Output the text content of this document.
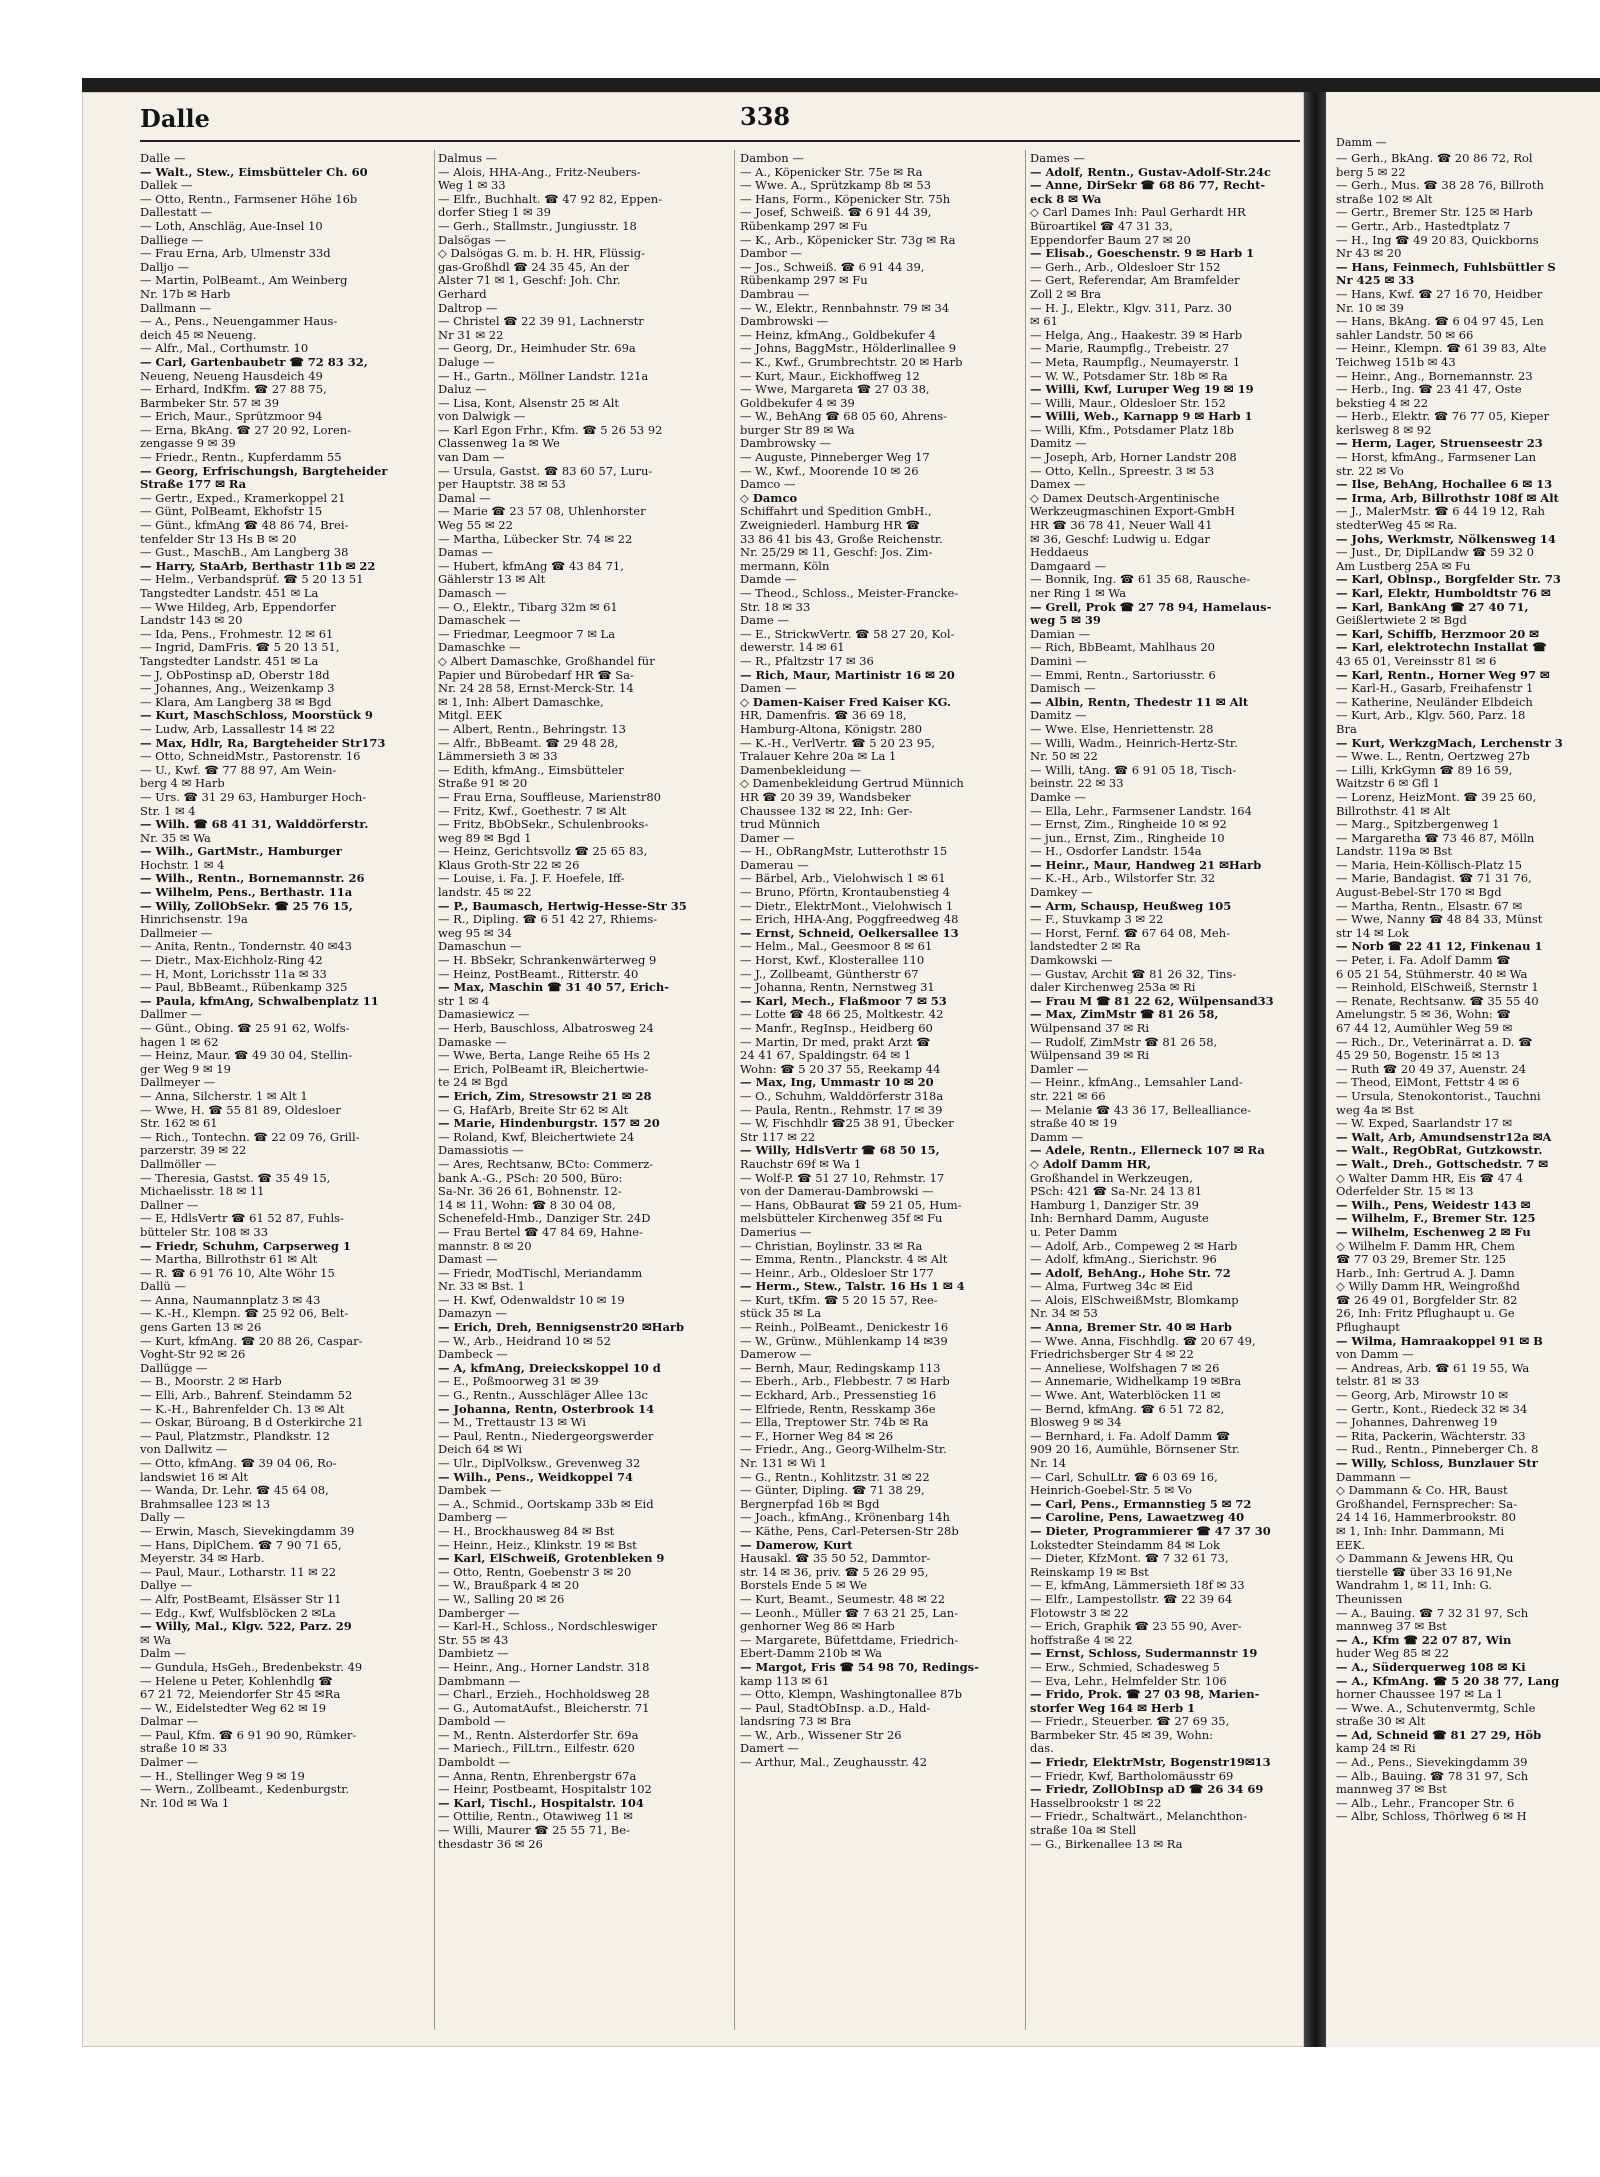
Damm —
— Gerh., BkAng. ☎ 20 86 72, Rol
berg 5 ✉ 22
— Gerh., Mus. ☎ 38 28 76, Billroth
straße 102 ✉ Alt
— Gertr., Bremer Str. 125 ✉ Harb
— Gertr., Arb., Hastedtplatz 7
— H., Ing ☎ 49 20 83, Quickborns
Nr 43 ✉ 20
— Hans, Feinmech, Fuhlsbüttler S
Nr 425 ✉ 33
— Hans, Kwf. ☎ 27 16 70, Heidber
Nr. 10 ✉ 39
— Hans, BkAng. ☎ 6 04 97 45, Len
sahler Landstr. 50 ✉ 66
— Heinr., Klempn. ☎ 61 39 83, Alte
Teichweg 151b ✉ 43
— Heinr., Ang., Bornemannstr. 23
— Herb., Ing. ☎ 23 41 47, Oste
bekstieg 4 ✉ 22
— Herb., Elektr. ☎ 76 77 05, Kieper
kerlsweg 8 ✉ 92
— Herm, Lager, Struenseestr 23
— Horst, kfmAng., Farmsener Lan
str. 22 ✉ Vo
— Ilse, BehAng, Hochallee 6 ✉ 13
— Irma, Arb, Billrothstr 108f ✉ Alt
— J., MalerMstr. ☎ 6 44 19 12, Rah
stedterWeg 45 ✉ Ra.
— Johs, Werkmstr, Nölkensweg 14
— Just., Dr, DiplLandw ☎ 59 32 0
Am Lustberg 25A ✉ Fu
— Karl, Oblnsp., Borgfelder Str. 73
— Karl, Elektr, Humboldtstr 76 ✉
— Karl, BankAng ☎ 27 40 71,
Geißlertwiete 2 ✉ Bgd
— Karl, Schiffb, Herzmoor 20 ✉
— Karl, elektrotechn Installat ☎
43 65 01, Vereinsstr 81 ✉ 6
— Karl, Rentn., Horner Weg 97 ✉
— Karl-H., Gasarb, Freihafenstr 1
— Katherine, Neuländer Elbdeich
— Kurt, Arb., Klgv. 560, Parz. 18
Bra
— Kurt, WerkzgMach, Lerchenstr 3
— Wwe. L., Rentn, Oertzweg 27b
— Lilli, KrkGymn ☎ 89 16 59,
Waitzstr 6 ✉ Gfl 1
— Lorenz, HeizMont. ☎ 39 25 60,
Billrothstr. 41 ✉ Alt
— Marg., Spitzbergenweg 1
— Margaretha ☎ 73 46 87, Mölln
Landstr. 119a ✉ Bst
— Maria, Hein-Köllisch-Platz 15
— Marie, Bandagist. ☎ 71 31 76,
August-Bebel-Str 170 ✉ Bgd
— Martha, Rentn., Elsastr. 67 ✉
— Wwe, Nanny ☎ 48 84 33, Münst
str 14 ✉ Lok
— Norb ☎ 22 41 12, Finkenau 1
— Peter, i. Fa. Adolf Damm ☎
6 05 21 54, Stühmerstr. 40 ✉ Wa
— Reinhold, ElSchweiß, Sternstr 1
— Renate, Rechtsanw. ☎ 35 55 40
Amelungstr. 5 ✉ 36, Wohn: ☎
67 44 12, Aumühler Weg 59 ✉
— Rich., Dr., Veterinärrat a. D. ☎
45 29 50, Bogenstr. 15 ✉ 13
— Ruth ☎ 20 49 37, Auenstr. 24
— Theod, ElMont, Fettstr 4 ✉ 6
— Ursula, Stenokontorist., Tauchni
weg 4a ✉ Bst
— W. Exped, Saarlandstr 17 ✉
— Walt, Arb, Amundsenstr12a ✉A
— Walt., RegObRat, Gutzkowstr.
— Walt., Dreh., Gottschedstr. 7 ✉
◇ Walter Damm HR, Eis ☎ 47 4
Oderfelder Str. 15 ✉ 13
— Wilh., Pens, Weidestr 143 ✉
— Wilhelm, F., Bremer Str. 125
— Wilhelm, Eschenweg 2 ✉ Fu
◇ Wilhelm F. Damm HR, Chem
☎ 77 03 29, Bremer Str. 125
Harb., Inh: Gertrud A. J. Damn
◇ Willy Damm HR, Weingroßhd
☎ 26 49 01, Borgfelder Str. 82
26, Inh: Fritz Pflughaupt u. Ge
Pflughaupt
— Wilma, Hamraakoppel 91 ✉ B
von Damm —
— Andreas, Arb. ☎ 61 19 55, Wa
telstr. 81 ✉ 33
— Georg, Arb, Mirowstr 10 ✉
— Gertr., Kont., Riedeck 32 ✉ 34
— Johannes, Dahrenweg 19
— Rita, Packerin, Wächterstr. 33
— Rud., Rentn., Pinneberger Ch. 8
— Willy, Schloss, Bunzlauer Str
Dammann —
◇ Dammann & Co. HR, Baust
Großhandel, Fernsprecher: Sa-
24 14 16, Hammerbrookstr. 80
✉ 1, Inh: Inhr. Dammann, Mi
EEK.
◇ Dammann & Jewens HR, Qu
tierstelle ☎ über 33 16 91,Ne
Wandrahm 1, ✉ 11, Inh: G.
Theunissen
— A., Bauing. ☎ 7 32 31 97, Sch
mannweg 37 ✉ Bst
— A., Kfm ☎ 22 07 87, Win
huder Weg 85 ✉ 22
— A., Süderquerweg 108 ✉ Ki
— A., KfmAng. ☎ 5 20 38 77, Lang
horner Chaussee 197 ✉ La 1
— Wwe. A., Schutenvermtg, Schle
straße 30 ✉ Alt
— Ad, Schneid ☎ 81 27 29, Höb
kamp 24 ✉ Ri
— Ad., Pens., Sievekingdamm 39
— Alb., Bauing. ☎ 78 31 97, Sch
mannweg 37 ✉ Bst
— Alb., Lehr., Francoper Str. 6
— Albr, Schloss, Thörlweg 6 ✉ H
Dalle	338
Dalle —
— Walt., Stew., Eimsbütteler Ch. 60
Dallek —
— Otto, Rentn., Farmsener Höhe 16b
Dallestatt —
— Loth, Anschläg, Aue-Insel 10
Dalliege —
— Frau Erna, Arb, Ulmenstr 33d
Dalljo —
— Martin, PolBeamt., Am Weinberg
Nr. 17b ✉ Harb
Dallmann —
— A., Pens., Neuengammer Haus-
deich 45 ✉ Neueng.
— Alfr., Mal., Corthumstr. 10
— Carl, Gartenbaubetr ☎ 72 83 32,
Neueng, Neueng Hausdeich 49
— Erhard, IndKfm. ☎ 27 88 75,
Barmbeker Str. 57 ✉ 39
— Erich, Maur., Sprützmoor 94
— Erna, BkAng. ☎ 27 20 92, Loren-
zengasse 9 ✉ 39
— Friedr., Rentn., Kupferdamm 55
— Georg, Erfrischungsh, Bargteheider
Straße 177 ✉ Ra
— Gertr., Exped., Kramerkoppel 21
— Günt, PolBeamt, Ekhofstr 15
— Günt., kfmAng ☎ 48 86 74, Brei-
tenfelder Str 13 Hs B ✉ 20
— Gust., MaschB., Am Langberg 38
— Harry, StaArb, Berthastr 11b ✉ 22
— Helm., Verbandsprüf. ☎ 5 20 13 51
Tangstedter Landstr. 451 ✉ La
— Wwe Hildeg, Arb, Eppendorfer
Landstr 143 ✉ 20
— Ida, Pens., Frohmestr. 12 ✉ 61
— Ingrid, DamFris. ☎ 5 20 13 51,
Tangstedter Landstr. 451 ✉ La
— J, ObPostinsp aD, Oberstr 18d
— Johannes, Ang., Weizenkamp 3
— Klara, Am Langberg 38 ✉ Bgd
— Kurt, MaschSchloss, Moorstück 9
— Ludw, Arb, Lassallestr 14 ✉ 22
— Max, Hdlr, Ra, Bargteheider Str173
— Otto, SchneidMstr., Pastorenstr. 16
— U., Kwf. ☎ 77 88 97, Am Wein-
berg 4 ✉ Harb
— Urs. ☎ 31 29 63, Hamburger Hoch-
Str. 1 ✉ 4
— Wilh. ☎ 68 41 31, Walddörferstr.
Nr. 35 ✉ Wa
— Wilh., GartMstr., Hamburger
Hochstr. 1 ✉ 4
— Wilh., Rentn., Bornemannstr. 26
— Wilhelm, Pens., Berthastr. 11a
— Willy, ZollObSekr. ☎ 25 76 15,
Hinrichsenstr. 19a
Dallmeier —
— Anita, Rentn., Tondernstr. 40 ✉43
— Dietr., Max-Eichholz-Ring 42
— H, Mont, Lorichsstr 11a ✉ 33
— Paul, BbBeamt., Rübenkamp 325
— Paula, kfmAng, Schwalbenplatz 11
Dallmer —
— Günt., Obing. ☎ 25 91 62, Wolfs-
hagen 1 ✉ 62
— Heinz, Maur. ☎ 49 30 04, Stellin-
ger Weg 9 ✉ 19
Dallmeyer —
— Anna, Silcherstr. 1 ✉ Alt 1
— Wwe, H. ☎ 55 81 89, Oldesloer
Str. 162 ✉ 61
— Rich., Tontechn. ☎ 22 09 76, Grill-
parzerstr. 39 ✉ 22
Dallmöller —
— Theresia, Gastst. ☎ 35 49 15,
Michaelisstr. 18 ✉ 11
Dallner —
— E, HdlsVertr ☎ 61 52 87, Fuhls-
bütteler Str. 108 ✉ 33
— Friedr, Schuhm, Carpserweg 1
— Martha, Billrothstr 61 ✉ Alt
— R. ☎ 6 91 76 10, Alte Wöhr 15
Dallü —
— Anna, Naumannplatz 3 ✉ 43
— K.-H., Klempn. ☎ 25 92 06, Belt-
gens Garten 13 ✉ 26
— Kurt, kfmAng. ☎ 20 88 26, Caspar-
Voght-Str 92 ✉ 26
Dallügge —
— B., Moorstr. 2 ✉ Harb
— Elli, Arb., Bahrenf. Steindamm 52
— K.-H., Bahrenfelder Ch. 13 ✉ Alt
— Oskar, Büroang, B d Osterkirche 21
— Paul, Platzmstr., Plandkstr. 12
von Dallwitz —
— Otto, kfmAng. ☎ 39 04 06, Ro-
landswiet 16 ✉ Alt
— Wanda, Dr. Lehr. ☎ 45 64 08,
Brahmsallee 123 ✉ 13
Dally —
— Erwin, Masch, Sievekingdamm 39
— Hans, DiplChem. ☎ 7 90 71 65,
Meyerstr. 34 ✉ Harb.
— Paul, Maur., Lotharstr. 11 ✉ 22
Dallye —
— Alfr, PostBeamt, Elsässer Str 11
— Edg., Kwf, Wulfsblöcken 2 ✉La
— Willy, Mal., Klgv. 522, Parz. 29
✉ Wa
Dalm —
— Gundula, HsGeh., Bredenbekstr. 49
— Helene u Peter, Kohlenhdlg ☎
67 21 72, Meiendorfer Str 45 ✉Ra
— W., Eidelstedter Weg 62 ✉ 19
Dalmar —
— Paul, Kfm. ☎ 6 91 90 90, Rümker-
straße 10 ✉ 33
Dalmer —
— H., Stellinger Weg 9 ✉ 19
— Wern., Zollbeamt., Kedenburgstr.
Nr. 10d ✉ Wa 1
Dalmus —
— Alois, HHA-Ang., Fritz-Neubers-
Weg 1 ✉ 33
— Elfr., Buchhalt. ☎ 47 92 82, Eppen-
dorfer Stieg 1 ✉ 39
— Gerh., Stallmstr., Jungiusstr. 18
Dalsögas —
◇ Dalsögas G. m. b. H. HR, Flüssig-
gas-Großhdl ☎ 24 35 45, An der
Alster 71 ✉ 1, Geschf: Joh. Chr.
Gerhard
Daltrop —
— Christel ☎ 22 39 91, Lachnerstr
Nr 31 ✉ 22
— Georg, Dr., Heimhuder Str. 69a
Daluge —
— H., Gartn., Möllner Landstr. 121a
Daluz —
— Lisa, Kont, Alsenstr 25 ✉ Alt
von Dalwigk —
— Karl Egon Frhr., Kfm. ☎ 5 26 53 92
Classenweg 1a ✉ We
van Dam —
— Ursula, Gastst. ☎ 83 60 57, Luru-
per Hauptstr. 38 ✉ 53
Damal —
— Marie ☎ 23 57 08, Uhlenhorster
Weg 55 ✉ 22
— Martha, Lübecker Str. 74 ✉ 22
Damas —
— Hubert, kfmAng ☎ 43 84 71,
Gählerstr 13 ✉ Alt
Damasch —
— O., Elektr., Tibarg 32m ✉ 61
Damaschek —
— Friedmar, Leegmoor 7 ✉ La
Damaschke —
◇ Albert Damaschke, Großhandel für
Papier und Bürobedarf HR ☎ Sa-
Nr. 24 28 58, Ernst-Merck-Str. 14
✉ 1, Inh: Albert Damaschke,
Mitgl. EEK
— Albert, Rentn., Behringstr. 13
— Alfr., BbBeamt. ☎ 29 48 28,
Lämmersieth 3 ✉ 33
— Edith, kfmAng., Eimsbütteler
Straße 91 ✉ 20
— Frau Erna, Souffleuse, Marienstr80
— Fritz, Kwf., Goethestr. 7 ✉ Alt
— Fritz, BbObSekr., Schulenbrooks-
weg 89 ✉ Bgd 1
— Heinz, Gerichtsvollz ☎ 25 65 83,
Klaus Groth-Str 22 ✉ 26
— Louise, i. Fa. J. F. Hoefele, Iff-
landstr. 45 ✉ 22
— P., Baumasch, Hertwig-Hesse-Str 35
— R., Dipling. ☎ 6 51 42 27, Rhiems-
weg 95 ✉ 34
Damaschun —
— H. BbSekr, Schrankenwärterweg 9
— Heinz, PostBeamt., Ritterstr. 40
— Max, Maschin ☎ 31 40 57, Erich-
str 1 ✉ 4
Damasiewicz —
— Herb, Bauschloss, Albatrosweg 24
Damaske —
— Wwe, Berta, Lange Reihe 65 Hs 2
— Erich, PolBeamt iR, Bleichertwie-
te 24 ✉ Bgd
— Erich, Zim, Stresowstr 21 ✉ 28
— G, HafArb, Breite Str 62 ✉ Alt
— Marie, Hindenburgstr. 157 ✉ 20
— Roland, Kwf, Bleichertwiete 24
Damassiotis —
— Ares, Rechtsanw, BCto: Commerz-
bank A.-G., PSch: 20 500, Büro:
Sa-Nr. 36 26 61, Bohnenstr. 12-
14 ✉ 11, Wohn: ☎ 8 30 04 08,
Schenefeld-Hmb., Danziger Str. 24D
— Frau Bertel ☎ 47 84 69, Hahne-
mannstr. 8 ✉ 20
Damast —
— Friedr, ModTischl, Meriandamm
Nr. 33 ✉ Bst. 1
— H. Kwf, Odenwaldstr 10 ✉ 19
Damazyn —
— Erich, Dreh, Bennigsenstr20 ✉Harb
— W., Arb., Heidrand 10 ✉ 52
Dambeck —
— A, kfmAng, Dreieckskoppel 10 d
— E., Poßmoorweg 31 ✉ 39
— G., Rentn., Ausschläger Allee 13c
— Johanna, Rentn, Osterbrook 14
— M., Trettaustr 13 ✉ Wi
— Paul, Rentn., Niedergeorgswerder
Deich 64 ✉ Wi
— Ulr., DiplVolksw., Grevenweg 32
— Wilh., Pens., Weidkoppel 74
Dambek —
— A., Schmid., Oortskamp 33b ✉ Eid
Damberg —
— H., Brockhausweg 84 ✉ Bst
— Heinr., Heiz., Klinkstr. 19 ✉ Bst
— Karl, ElSchweiß, Grotenbleken 9
— Otto, Rentn, Goebenstr 3 ✉ 20
— W., Braußpark 4 ✉ 20
— W., Salling 20 ✉ 26
Damberger —
— Karl-H., Schloss., Nordschleswiger
Str. 55 ✉ 43
Dambietz —
— Heinr., Ang., Horner Landstr. 318
Dambmann —
— Charl., Erzieh., Hochholdsweg 28
— G., AutomatAufst., Bleicherstr. 71
Dambold —
— M., Rentn. Alsterdorfer Str. 69a
— Mariech., FilLtrn., Eilfestr. 620
Damboldt —
— Anna, Rentn, Ehrenbergstr 67a
— Heinr, Postbeamt, Hospitalstr 102
— Karl, Tischl., Hospitalstr. 104
— Ottilie, Rentn., Otawiweg 11 ✉
— Willi, Maurer ☎ 25 55 71, Be-
thesdastr 36 ✉ 26
Dambon —
— A., Köpenicker Str. 75e ✉ Ra
— Wwe. A., Sprützkamp 8b ✉ 53
— Hans, Form., Köpenicker Str. 75h
— Josef, Schweiß. ☎ 6 91 44 39,
Rübenkamp 297 ✉ Fu
— K., Arb., Köpenicker Str. 73g ✉ Ra
Dambor —
— Jos., Schweiß. ☎ 6 91 44 39,
Rübenkamp 297 ✉ Fu
Dambrau —
— W., Elektr., Rennbahnstr. 79 ✉ 34
Dambrowski —
— Heinz, kfmAng., Goldbekufer 4
— Johns, BaggMstr., Hölderlinallee 9
— K., Kwf., Grumbrechtstr. 20 ✉ Harb
— Kurt, Maur., Eickhoffweg 12
— Wwe, Margareta ☎ 27 03 38,
Goldbekufer 4 ✉ 39
— W., BehAng ☎ 68 05 60, Ahrens-
burger Str 89 ✉ Wa
Dambrowsky —
— Auguste, Pinneberger Weg 17
— W., Kwf., Moorende 10 ✉ 26
Damco —
◇ Damco
Schiffahrt und Spedition GmbH.,
Zweigniederl. Hamburg HR ☎
33 86 41 bis 43, Große Reichenstr.
Nr. 25/29 ✉ 11, Geschf: Jos. Zim-
mermann, Köln
Damde —
— Theod., Schloss., Meister-Francke-
Str. 18 ✉ 33
Dame —
— E., StrickwVertr. ☎ 58 27 20, Kol-
dewerstr. 14 ✉ 61
— R., Pfaltzstr 17 ✉ 36
— Rich, Maur, Martinistr 16 ✉ 20
Damen —
◇ Damen-Kaiser Fred Kaiser KG.
HR, Damenfris. ☎ 36 69 18,
Hamburg-Altona, Königstr. 280
— K.-H., VerlVertr. ☎ 5 20 23 95,
Tralauer Kehre 20a ✉ La 1
Damenbekleidung —
◇ Damenbekleidung Gertrud Münnich
HR ☎ 20 39 39, Wandsbeker
Chaussee 132 ✉ 22, Inh: Ger-
trud Münnich
Damer —
— H., ObRangMstr, Lutterothstr 15
Damerau —
— Bärbel, Arb., Vielohwisch 1 ✉ 61
— Bruno, Pförtn, Krontaubenstieg 4
— Dietr., ElektrMont., Vielohwisch 1
— Erich, HHA-Ang, Poggfreedweg 48
— Ernst, Schneid, Oelkersallee 13
— Helm., Mal., Geesmoor 8 ✉ 61
— Horst, Kwf., Klosterallee 110
— J., Zollbeamt, Güntherstr 67
— Johanna, Rentn, Nernstweg 31
— Karl, Mech., Flaßmoor 7 ✉ 53
— Lotte ☎ 48 66 25, Moltkestr. 42
— Manfr., RegInsp., Heidberg 60
— Martin, Dr med, prakt Arzt ☎
24 41 67, Spaldingstr. 64 ✉ 1
Wohn: ☎ 5 20 37 55, Reekamp 44
— Max, Ing, Ummastr 10 ✉ 20
— O., Schuhm, Walddörferstr 318a
— Paula, Rentn., Rehmstr. 17 ✉ 39
— W, Fischhdlr ☎25 38 91, Übecker
Str 117 ✉ 22
— Willy, HdlsVertr ☎ 68 50 15,
Rauchstr 69f ✉ Wa 1
— Wolf-P. ☎ 51 27 10, Rehmstr. 17
von der Damerau-Dambrowski —
— Hans, ObBaurat ☎ 59 21 05, Hum-
melsbütteler Kirchenweg 35f ✉ Fu
Damerius —
— Christian, Boylinstr. 33 ✉ Ra
— Emma, Rentn., Planckstr. 4 ✉ Alt
— Heinr., Arb., Oldesloer Str 177
— Herm., Stew., Talstr. 16 Hs 1 ✉ 4
— Kurt, tKfm. ☎ 5 20 15 57, Ree-
stück 35 ✉ La
— Reinh., PolBeamt., Denickestr 16
— W., Grünw., Mühlenkamp 14 ✉39
Damerow —
— Bernh, Maur, Redingskamp 113
— Eberh., Arb., Flebbestr. 7 ✉ Harb
— Eckhard, Arb., Pressenstieg 16
— Elfriede, Rentn, Resskamp 36e
— Ella, Treptower Str. 74b ✉ Ra
— F., Horner Weg 84 ✉ 26
— Friedr., Ang., Georg-Wilhelm-Str.
Nr. 131 ✉ Wi 1
— G., Rentn., Kohlitzstr. 31 ✉ 22
— Günter, Dipling. ☎ 71 38 29,
Bergnerpfad 16b ✉ Bgd
— Joach., kfmAng., Krönenbarg 14h
— Käthe, Pens, Carl-Petersen-Str 28b
— Damerow, Kurt
Hausakl. ☎ 35 50 52, Dammtor-
str. 14 ✉ 36, priv. ☎ 5 26 29 95,
Borstels Ende 5 ✉ We
— Kurt, Beamt., Seumestr. 48 ✉ 22
— Leonh., Müller ☎ 7 63 21 25, Lan-
genhorner Weg 86 ✉ Harb
— Margarete, Büfettdame, Friedrich-
Ebert-Damm 210b ✉ Wa
— Margot, Fris ☎ 54 98 70, Redings-
kamp 113 ✉ 61
— Otto, Klempn, Washingtonallee 87b
— Paul, StadtObInsp. a.D., Hald-
landsring 73 ✉ Bra
— W., Arb., Wissener Str 26
Damert —
— Arthur, Mal., Zeughausstr. 42
Dames —
— Adolf, Rentn., Gustav-Adolf-Str.24c
— Anne, DirSekr ☎ 68 86 77, Recht-
eck 8 ✉ Wa
◇ Carl Dames Inh: Paul Gerhardt HR
Büroartikel ☎ 47 31 33,
Eppendorfer Baum 27 ✉ 20
— Elisab., Goeschenstr. 9 ✉ Harb 1
— Gerh., Arb., Oldesloer Str 152
— Gert, Referendar, Am Bramfelder
Zoll 2 ✉ Bra
— H. J., Elektr., Klgv. 311, Parz. 30
✉ 61
— Helga, Ang., Haakestr. 39 ✉ Harb
— Marie, Raumpflg., Trebeistr. 27
— Meta, Raumpflg., Neumayerstr. 1
— W. W., Potsdamer Str. 18b ✉ Ra
— Willi, Kwf, Luruper Weg 19 ✉ 19
— Willi, Maur., Oldesloer Str. 152
— Willi, Web., Karnapp 9 ✉ Harb 1
— Willi, Kfm., Potsdamer Platz 18b
Damitz —
— Joseph, Arb, Horner Landstr 208
— Otto, Kelln., Spreestr. 3 ✉ 53
Damex —
◇ Damex Deutsch-Argentinische
Werkzeugmaschinen Export-GmbH
HR ☎ 36 78 41, Neuer Wall 41
✉ 36, Geschf: Ludwig u. Edgar
Heddaeus
Damgaard —
— Bonnik, Ing. ☎ 61 35 68, Rausche-
ner Ring 1 ✉ Wa
— Grell, Prok ☎ 27 78 94, Hamelaus-
weg 5 ✉ 39
Damian —
— Rich, BbBeamt, Mahlhaus 20
Damini —
— Emmi, Rentn., Sartoriusstr. 6
Damisch —
— Albin, Rentn, Thedestr 11 ✉ Alt
Damitz —
— Wwe. Else, Henriettenstr. 28
— Willi, Wadm., Heinrich-Hertz-Str.
Nr. 50 ✉ 22
— Willi, tAng. ☎ 6 91 05 18, Tisch-
beinstr. 22 ✉ 33
Damke —
— Ella, Lehr., Farmsener Landstr. 164
— Ernst, Zim., Ringheide 10 ✉ 92
— jun., Ernst, Zim., Ringheide 10
— H., Osdorfer Landstr. 154a
— Heinr., Maur, Handweg 21 ✉Harb
— K.-H., Arb., Wilstorfer Str. 32
Damkey —
— Arm, Schausp, Heußweg 105
— F., Stuvkamp 3 ✉ 22
— Horst, Fernf. ☎ 67 64 08, Meh-
landstedter 2 ✉ Ra
Damkowski —
— Gustav, Archit ☎ 81 26 32, Tins-
daler Kirchenweg 253a ✉ Ri
— Frau M ☎ 81 22 62, Wülpensand33
— Max, ZimMstr ☎ 81 26 58,
Wülpensand 37 ✉ Ri
— Rudolf, ZimMstr ☎ 81 26 58,
Wülpensand 39 ✉ Ri
Damler —
— Heinr., kfmAng., Lemsahler Land-
str. 221 ✉ 66
— Melanie ☎ 43 36 17, Bellealliance-
straße 40 ✉ 19
Damm —
— Adele, Rentn., Ellerneck 107 ✉ Ra
◇ Adolf Damm HR,
Großhandel in Werkzeugen,
PSch: 421 ☎ Sa-Nr. 24 13 81
Hamburg 1, Danziger Str. 39
Inh: Bernhard Damm, Auguste
u. Peter Damm
— Adolf, Arb., Compeweg 2 ✉ Harb
— Adolf, kfmAng., Sierichstr. 96
— Adolf, BehAng., Hohe Str. 72
— Alma, Furtweg 34c ✉ Eid
— Alois, ElSchweißMstr, Blomkamp
Nr. 34 ✉ 53
— Anna, Bremer Str. 40 ✉ Harb
— Wwe. Anna, Fischhdlg. ☎ 20 67 49,
Friedrichsberger Str 4 ✉ 22
— Anneliese, Wolfshagen 7 ✉ 26
— Annemarie, Widhelkamp 19 ✉Bra
— Wwe. Ant, Waterblöcken 11 ✉
— Bernd, kfmAng. ☎ 6 51 72 82,
Blosweg 9 ✉ 34
— Bernhard, i. Fa. Adolf Damm ☎
909 20 16, Aumühle, Börnsener Str.
Nr. 14
— Carl, SchulLtr. ☎ 6 03 69 16,
Heinrich-Goebel-Str. 5 ✉ Vo
— Carl, Pens., Ermannstieg 5 ✉ 72
— Caroline, Pens, Lawaetzweg 40
— Dieter, Programmierer ☎ 47 37 30
Lokstedter Steindamm 84 ✉ Lok
— Dieter, KfzMont. ☎ 7 32 61 73,
Reinskamp 19 ✉ Bst
— E, kfmAng, Lämmersieth 18f ✉ 33
— Elfr., Lampestollstr. ☎ 22 39 64
Flotowstr 3 ✉ 22
— Erich, Graphik ☎ 23 55 90, Aver-
hoffstraße 4 ✉ 22
— Ernst, Schloss, Sudermannstr 19
— Erw., Schmied, Schadesweg 5
— Eva, Lehr., Helmfelder Str. 106
— Frido, Prok. ☎ 27 03 98, Marien-
storfer Weg 164 ✉ Herb 1
— Friedr., Steuerber. ☎ 27 69 35,
Barmbeker Str. 45 ✉ 39, Wohn:
das.
— Friedr, ElektrMstr, Bogenstr19✉13
— Friedr, Kwf, Bartholomäusstr 69
— Friedr, ZollObInsp aD ☎ 26 34 69
Hasselbrookstr 1 ✉ 22
— Friedr., Schaltwärt., Melanchthon-
straße 10a ✉ Stell
— G., Birkenallee 13 ✉ Ra
